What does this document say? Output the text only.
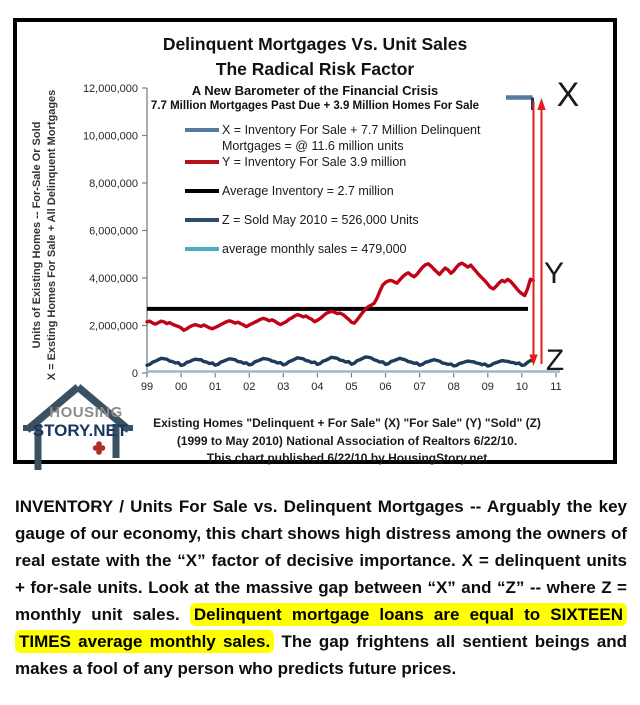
Delinquent Mortgages Vs. Unit Sales
The Radical Risk Factor
A New Barometer of the Financial Crisis
7.7 Million Mortgages Past Due + 3.9 Million Homes For Sale
Units of Existing Homes -- For-Sale Or Sold X = Exsting Homes For Sale + All Delinquent Mortgages	0
2,000,000
4,000,000
6,000,000
8,000,000
10,000,000
12,000,000
99 00 01 02 03 04 05 06 07 08 09 10 11
X
Y
Z
X = Inventory For Sale + 7.7 Million Delinquent
Mortgages = @ 11.6 million units
Y = Inventory For Sale 3.9 million
Average Inventory = 2.7 million
Z = Sold May 2010 = 526,000 Units
average monthly sales = 479,000
HOUSING
STORY.NET	Existing Homes "Delinquent + For Sale" (X) "For Sale" (Y) "Sold" (Z)
(1999 to May 2010) National Association of Realtors 6/22/10.
This chart published 6/22/10 by HousingStory.net

INVENTORY / Units For Sale vs. Delinquent Mortgages -- Arguably the key gauge of our economy, this chart shows high distress among the owners of real estate with the “X” factor of decisive importance. X = delinquent units + for-sale units. Look at the massive gap between “X” and “Z” -- where Z = monthly unit sales. Delinquent mortgage loans are equal to SIXTEEN TIMES average monthly sales. The gap frightens all sentient beings and makes a fool of any person who predicts future prices.
